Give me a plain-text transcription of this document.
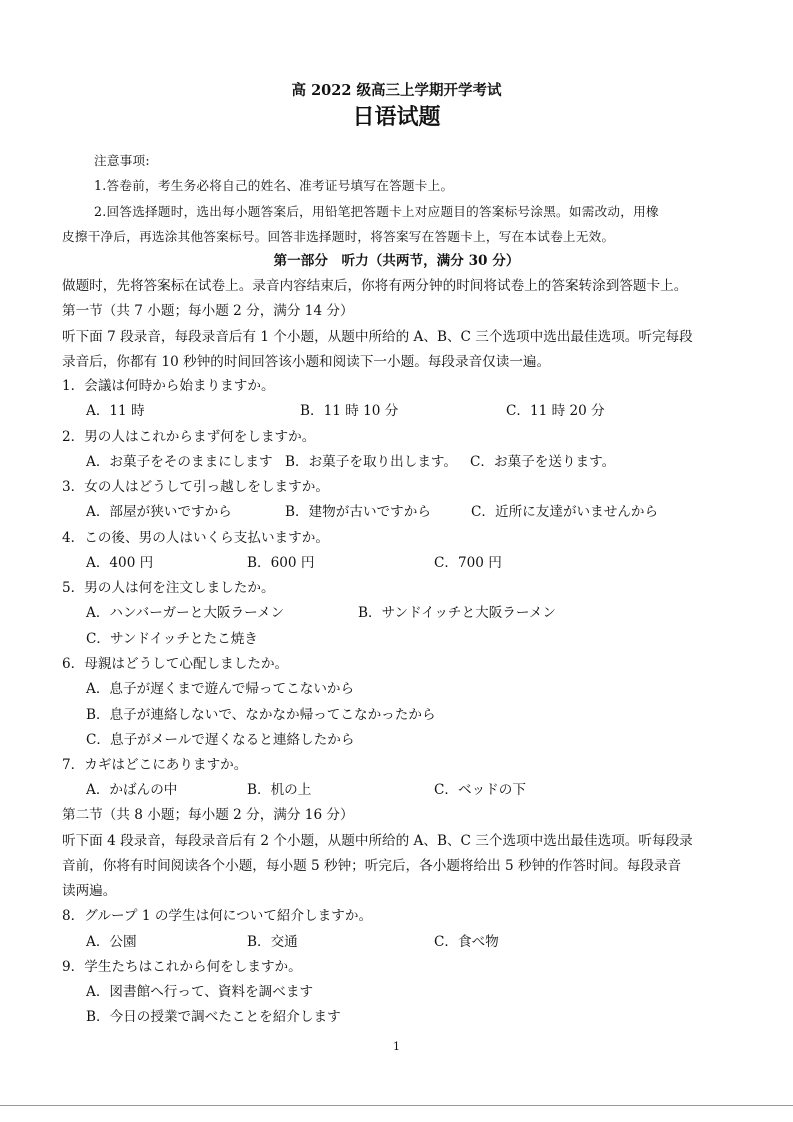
高 2022 级高三上学期开学考试
日语试题
注意事项:
1.答卷前，考生务必将自己的姓名、准考证号填写在答题卡上。
2.回答选择题时，选出每小题答案后，用铅笔把答题卡上对应题目的答案标号涂黑。如需改动，用橡
皮擦干净后，再选涂其他答案标号。回答非选择题时，将答案写在答题卡上，写在本试卷上无效。
第一部分　听力（共两节，满分 30 分）
做题时，先将答案标在试卷上。录音内容结束后，你将有两分钟的时间将试卷上的答案转涂到答题卡上。
第一节（共 7 小题；每小题 2 分，满分 14 分）
听下面 7 段录音，每段录音后有 1 个小题，从题中所给的 A、B、C 三个选项中选出最佳选项。听完每段
录音后，你都有 10 秒钟的时间回答该小题和阅读下一小题。每段录音仅读一遍。
1．会議は何時から始まりますか。
A．11 時	B．11 時 10 分	C．11 時 20 分
2．男の人はこれからまず何をしますか。
A．お菓子をそのままにします B．お菓子を取り出します。 C．お菓子を送ります。
3．女の人はどうして引っ越しをしますか。
A．部屋が狭いですから	B．建物が古いですから	C．近所に友達がいませんから
4．この後、男の人はいくら支払いますか。
A．400 円	B．600 円	C．700 円
5．男の人は何を注文しましたか。
A．ハンバーガーと大阪ラーメン	B．サンドイッチと大阪ラーメン
C．サンドイッチとたこ焼き
6．母親はどうして心配しましたか。
A．息子が遅くまで遊んで帰ってこないから
B．息子が連絡しないで、なかなか帰ってこなかったから
C．息子がメールで遅くなると連絡したから
7．カギはどこにありますか。
A．かばんの中	B．机の上	C．ベッドの下
第二节（共 8 小题；每小题 2 分，满分 16 分）
听下面 4 段录音，每段录音后有 2 个小题，从题中所给的 A、B、C 三个选项中选出最佳选项。听每段录
音前，你将有时间阅读各个小题，每小题 5 秒钟；听完后，各小题将给出 5 秒钟的作答时间。每段录音
读两遍。
8．グループ 1 の学生は何について紹介しますか。
A．公園	B．交通	C．食べ物
9．学生たちはこれから何をしますか。
A．図書館へ行って、資料を調べます
B．今日の授業で調べたことを紹介します
1
